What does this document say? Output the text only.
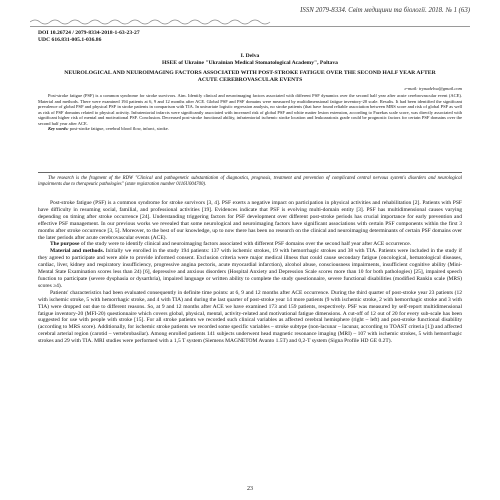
ISSN 2079-8334. Світ медицини та біології. 2018. № 1 (63)
DOI 10.26724 / 2079-8334-2018-1-63-23-27
UDC 616.831-005.1-036.86
I. Delva
HSEE of Ukraine "Ukrainian Medical Stomatological Academy", Poltava
NEUROLOGICAL AND NEUROIMAGING FACTORS ASSOCIATED WITH POST-STROKE FATIGUE OVER THE SECOND HALF YEAR AFTER ACUTE CEREBROVASCULAR EVENTS
e-mail: irynadelva@gmail.com
Post-stroke fatigue (PSF) is a common syndrome for stroke survivors. Aim. Identify clinical and neuroimaging factors associated with different PSF dynamics over the second half year after acute cerebrovascular event (ACE). Material and methods. There were examined 194 patients at 6, 9 and 12 months after ACE. Global PSF and PSF domains were measured by multidimensional fatigue inventory-20 scale. Results. It had been identified the significant prevalence of global PSF and physical PSF in stroke patients in comparison with TIA. In univariate logistic regression analysis, no stroke patients (that have found reliable association between MRS score and risk of global PSF as well as risk of PSF domains related to physical activity. Infratentorial infarcts were significantly associated with increased risk of global PSF and white matter lesion extension, according to Fazekas scale score, was directly associated with significant higher risk of mental and motivational PSF. Conclusion. Decreased post-stroke functional ability, infratentorial ischemic stroke location and leukoaraiosis grade could be prognostic factors for certain PSF domains over the second half year after ACE.
Key words: post-stroke fatigue, cerebral blood flow, infarct, stroke.
The research is the fragment of the RDW "Clinical and pathogenetic substantiation of diagnostics, prognosis, treatment and prevention of complicated central nervous system's disorders and neurological impairments due to therapeutic pathologies" (state registration number 0116U004700).

Post-stroke fatigue (PSF) is a common syndrome for stroke survivors [3, 4]. PSF exerts a negative impact on participation in physical activities and rehabilitation [2]. Patients with PSF have difficulty in resuming social, familial, and professional activities [19]. Evidences indicate that PSF is evolving multi-domain entity [3]. PSF has multidimensional causes varying depending on timing after stroke occurrence [24]. Understanding triggering factors for PSF development over different post-stroke periods has crucial importance for early prevention and effective PSF management. In our previous works we revealed that some neurological and neuroimaging factors have significant associations with certain PSF components within the first 3 months after stroke occurrence [3, 5]. Moreover, to the best of our knowledge, up to now there has been no research on the clinical and neuroimaging determinants of certain PSF domains over the later periods after acute cerebrovascular events (ACE).

The purpose of the study were to identify clinical and neuroimaging factors associated with different PSF domains over the second half year after ACE occurrence.

Material and methods. Initially we enrolled in the study 194 patients: 137 with ischemic strokes, 19 with hemorrhagic strokes and 38 with TIA. Patients were included in the study if they agreed to participate and were able to provide informed consent. Exclusion criteria were major medical illness that could cause secondary fatigue (oncological, hematological diseases, cardiac, liver, kidney and respiratory insufficiency, progressive angina pectoris, acute myocardial infarction), alcohol abuse, consciousness impairments, insufficient cognitive ability (Mini-Mental State Examination scores less than 24) [6], depressive and anxious disorders (Hospital Anxiety and Depression Scale scores more than 10 for both pathologies) [25], impaired speech function to participate (severe dysphasia or dysarthria), impaired language or written ability to complete the study questionnaire, severe functional disabilities (modified Rankin scale (MRS) scores ≥4).

Patients' characteristics had been evaluated consequently in definite time points: at 6, 9 and 12 months after ACE occurrence. During the third quarter of post-stroke year 23 patients (12 with ischemic stroke, 5 with hemorrhagic stroke, and 4 with TIA) and during the last quarter of post-stroke year 14 more patients (9 with ischemic stroke, 2 with hemorrhagic stroke and 3 with TIA) were dropped out due to different reasons. So, at 9 and 12 months after ACE we have examined 173 and 159 patients, respectively. PSF was measured by self-report multidimensional fatigue inventory-20 (MFI-20) questionnaire which covers global, physical, mental, activity-related and motivational fatigue dimensions. A cut-off of 12 out of 20 for every sub-scale has been suggested for use with people with stroke [15]. For all stroke patients we recorded such clinical variables as affected cerebral hemisphere (right – left) and post-stroke functional disability (according to MRS score). Additionally, for ischemic stroke patients we recorded some specific variables – stroke subtype (non-lacunar – lacunar, according to TOAST criteria [1]) and affected cerebral arterial region (carotid – vertebrobasilar). Among enrolled patients 141 subjects underwent head magnetic resonance imaging (MRI) – 107 with ischemic strokes, 5 with hemorrhagic strokes and 29 with TIA. MRI studies were performed with a 1,5 T system (Siemens MAGNETOM Avanto 1.5T) and 0,2-T system (Signa Profile HD GE 0.2T).

23
